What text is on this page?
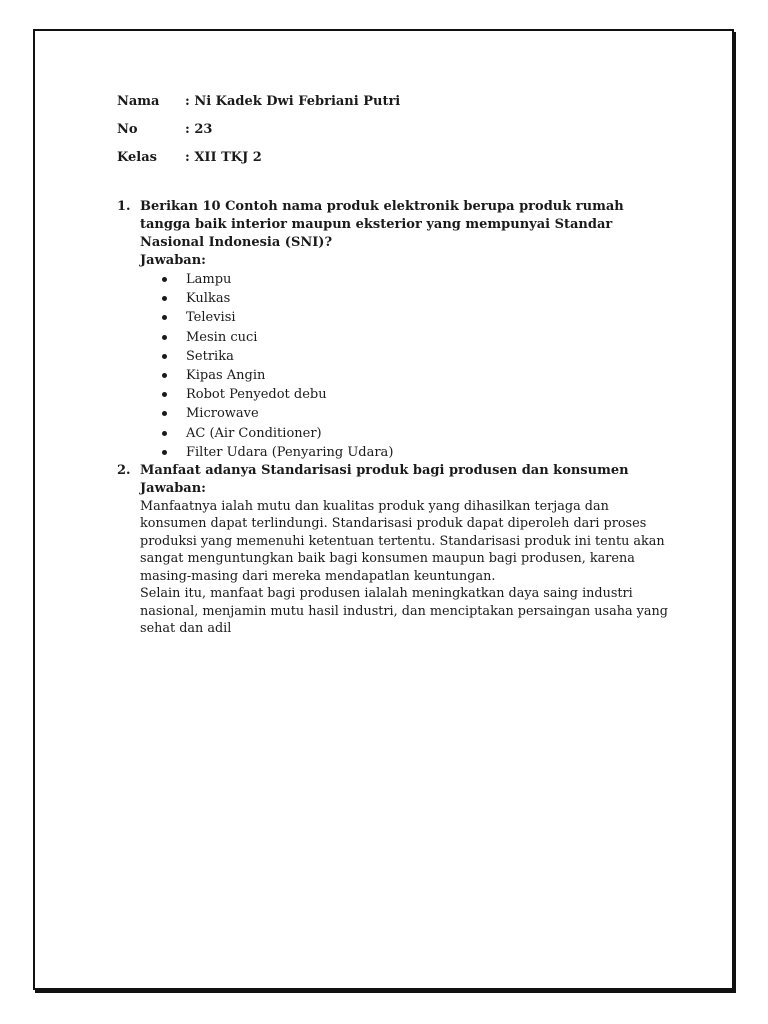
Nama	: Ni Kadek Dwi Febriani Putri
No	: 23
Kelas	: XII TKJ 2
1. Berikan 10 Contoh nama produk elektronik berupa produk rumah tangga baik interior maupun eksterior yang mempunyai Standar Nasional Indonesia (SNI)?
Jawaban:
Lampu
Kulkas
Televisi
Mesin cuci
Setrika
Kipas Angin
Robot Penyedot debu
Microwave
AC (Air Conditioner)
Filter Udara (Penyaring Udara)
2. Manfaat adanya Standarisasi produk bagi produsen dan konsumen
Jawaban:

Manfaatnya ialah mutu dan kualitas produk yang dihasilkan terjaga dan konsumen dapat terlindungi. Standarisasi produk dapat diperoleh dari proses produksi yang memenuhi ketentuan tertentu. Standarisasi produk ini tentu akan sangat menguntungkan baik bagi konsumen maupun bagi produsen, karena masing-masing dari mereka mendapatlan keuntungan.

Selain itu, manfaat bagi produsen ialalah meningkatkan daya saing industri nasional, menjamin mutu hasil industri, dan menciptakan persaingan usaha yang sehat dan adil
